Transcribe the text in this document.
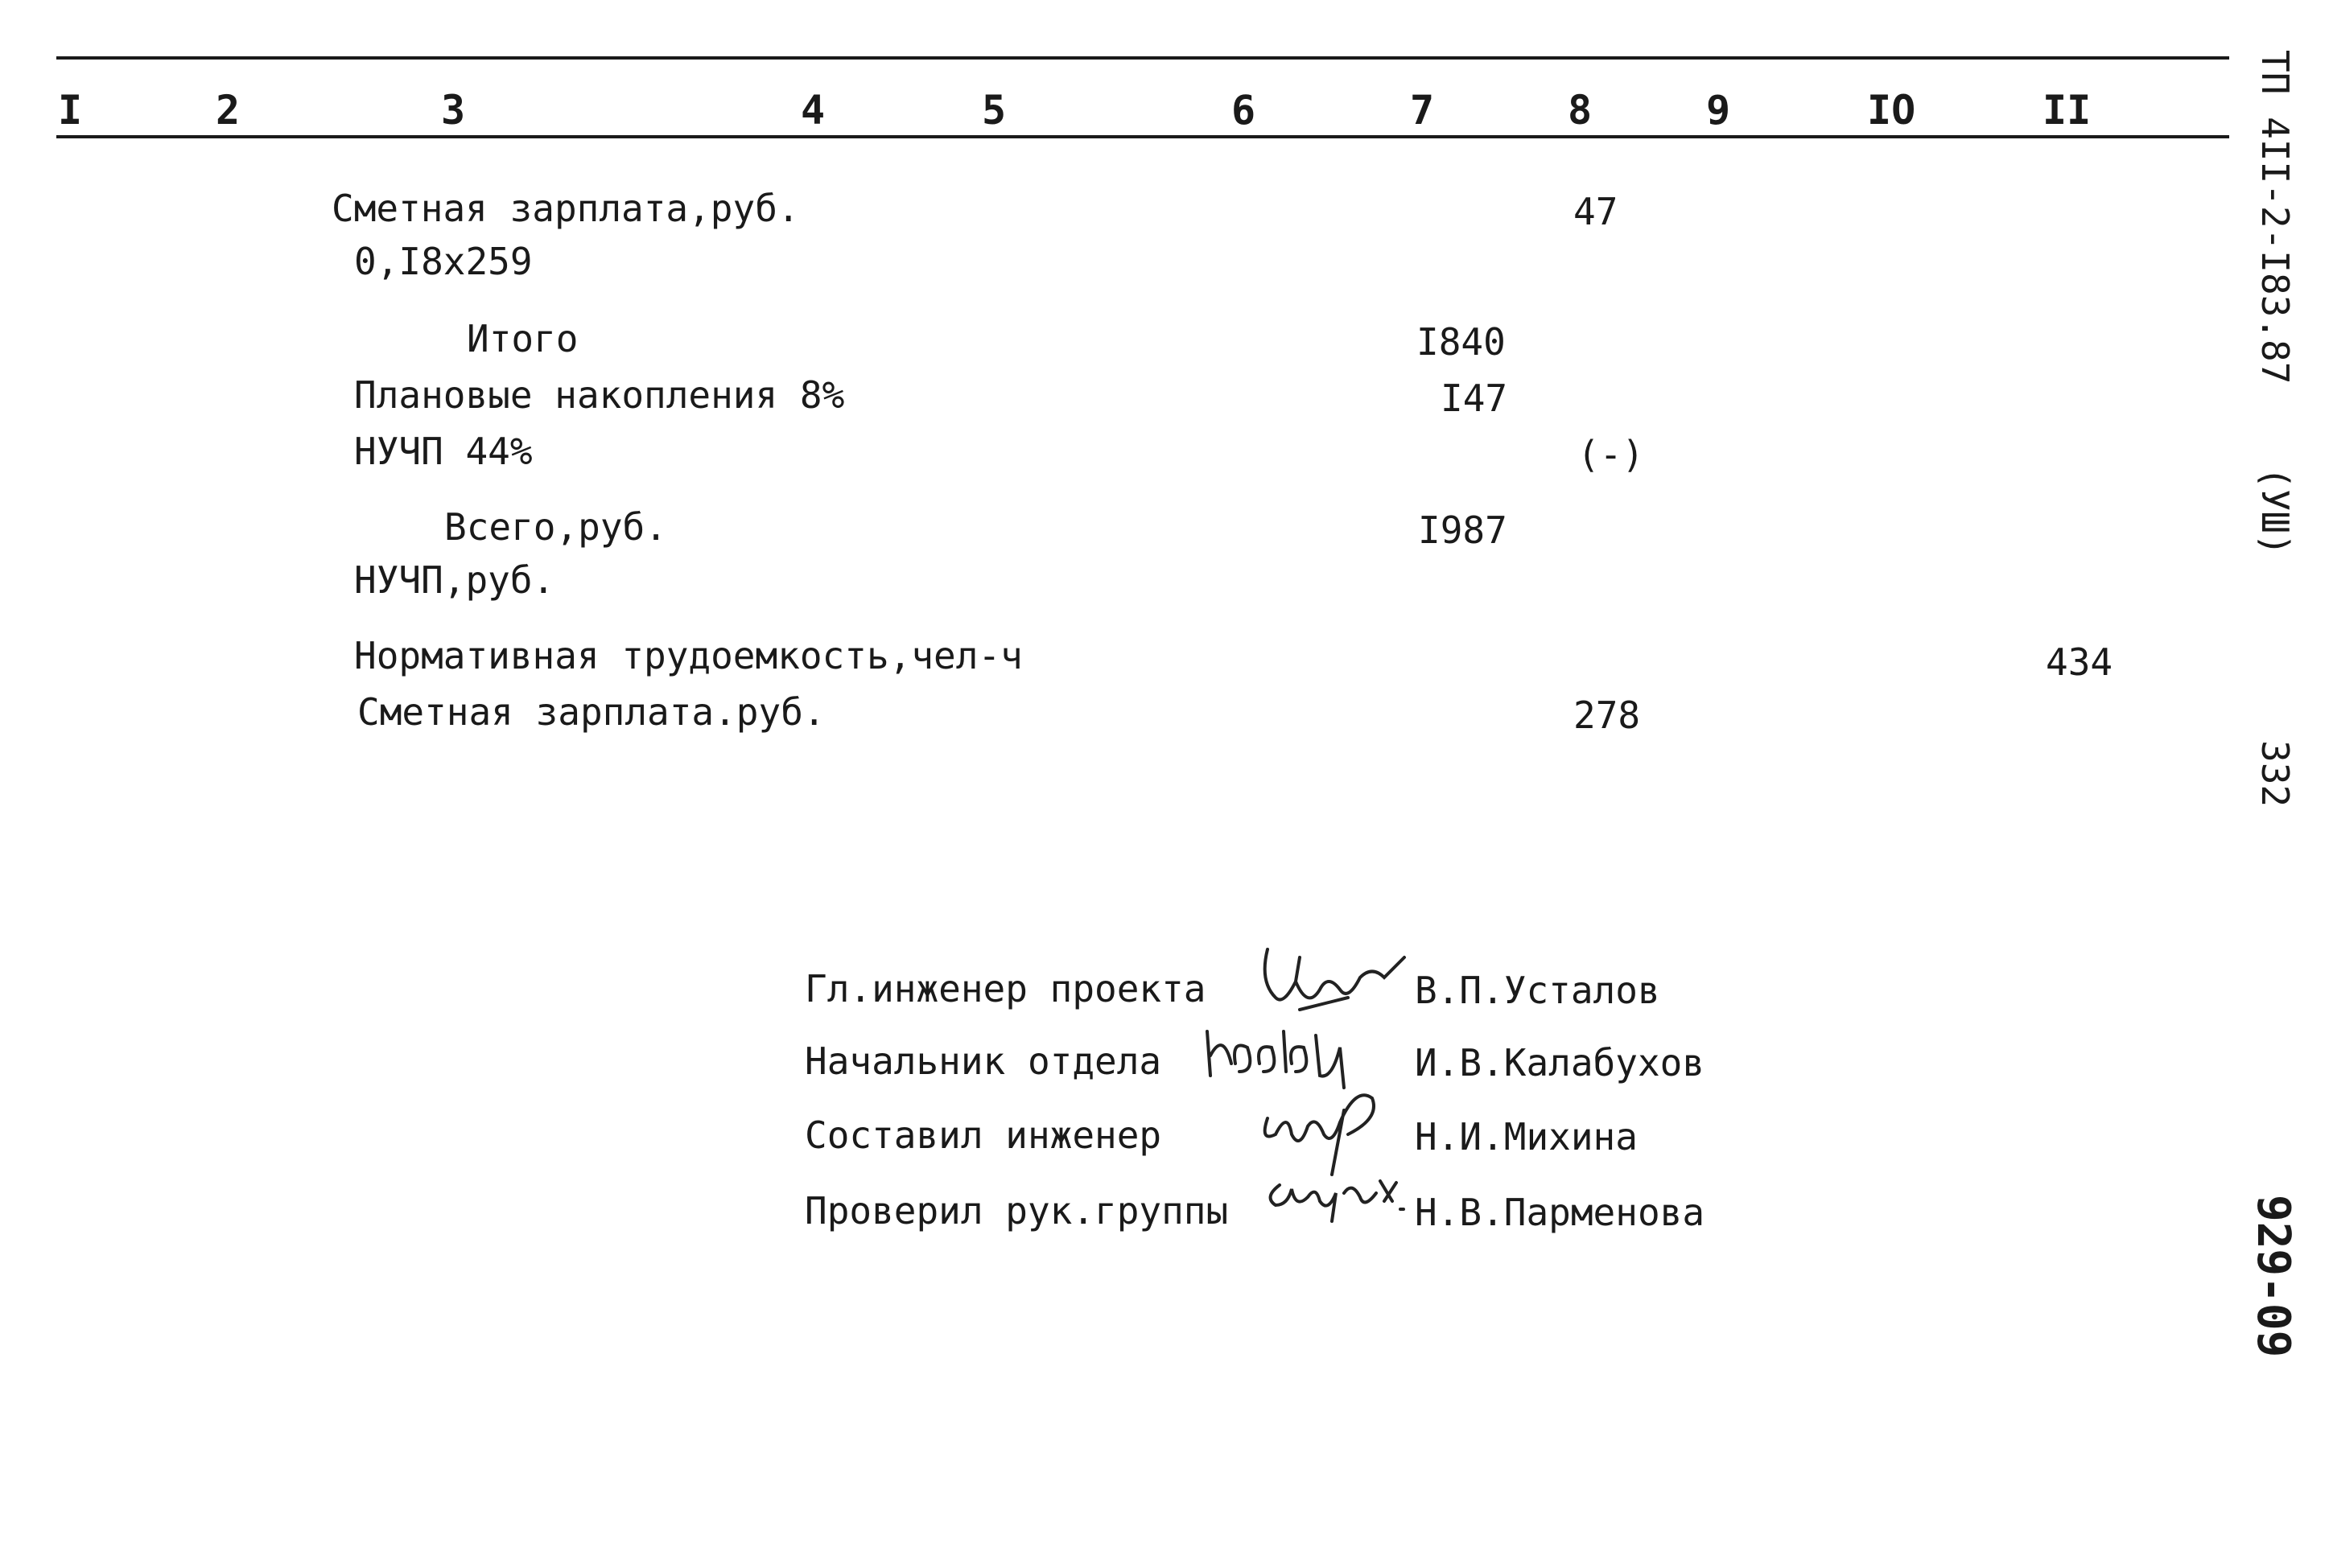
I	2	3	4	5	6	7	8	9	IO	II
Сметная зарплата,руб.	47
0,I8x259
Итого	I840
Плановые накопления 8%	I47
НУЧП 44%	(-)
Всего,руб.	I987
НУЧП,руб.
Нормативная трудоемкость,чел-ч	434
Сметная зарплата.руб.	278
Гл.инженер проекта	В.П.Усталов
Начальник отдела	И.В.Калабухов
Составил инженер	Н.И.Михина
Проверил рук.группы	Н.В.Парменова
ТП 4II-2-I83.87
(УШ)
332
929-09
